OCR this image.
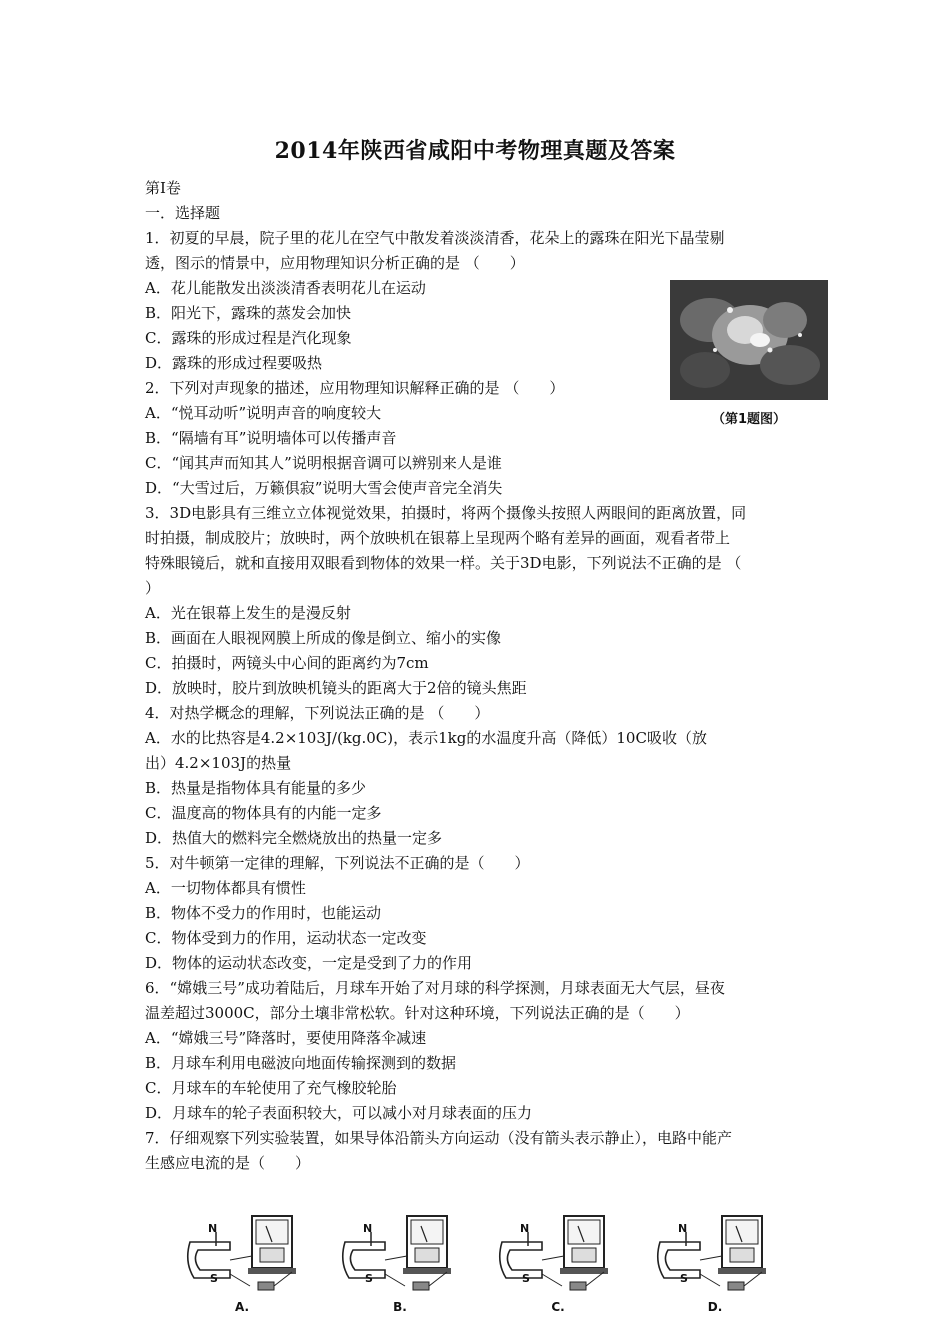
2014年陕西省咸阳中考物理真题及答案
第Ⅰ卷
一．选择题
1．初夏的早晨，院子里的花儿在空气中散发着淡淡清香，花朵上的露珠在阳光下晶莹剔
透，图示的情景中，应用物理知识分析正确的是 （　　）
A．花儿能散发出淡淡清香表明花儿在运动
B．阳光下，露珠的蒸发会加快
C．露珠的形成过程是汽化现象
D．露珠的形成过程要吸热
2．下列对声现象的描述，应用物理知识解释正确的是 （　　）
A．“悦耳动听”说明声音的响度较大
B．“隔墙有耳”说明墙体可以传播声音
C．“闻其声而知其人”说明根据音调可以辨别来人是谁
D．“大雪过后，万籁俱寂”说明大雪会使声音完全消失
3．3D电影具有三维立立体视觉效果，拍摄时，将两个摄像头按照人两眼间的距离放置，同
时拍摄，制成胶片；放映时，两个放映机在银幕上呈现两个略有差异的画面，观看者带上
特殊眼镜后，就和直接用双眼看到物体的效果一样。关于3D电影，下列说法不正确的是 （
）
A．光在银幕上发生的是漫反射
B．画面在人眼视网膜上所成的像是倒立、缩小的实像
C．拍摄时，两镜头中心间的距离约为7cm
D．放映时，胶片到放映机镜头的距离大于2倍的镜头焦距
4．对热学概念的理解，下列说法正确的是 （　　）
A．水的比热容是4.2×103J/(kg.0C)，表示1kg的水温度升高（降低）10C吸收（放
出）4.2×103J的热量
B．热量是指物体具有能量的多少
C．温度高的物体具有的内能一定多
D．热值大的燃料完全燃烧放出的热量一定多
5．对牛顿第一定律的理解，下列说法不正确的是（　　）
A．一切物体都具有惯性
B．物体不受力的作用时，也能运动
C．物体受到力的作用，运动状态一定改变
D．物体的运动状态改变，一定是受到了力的作用
6．“嫦娥三号”成功着陆后，月球车开始了对月球的科学探测，月球表面无大气层，昼夜
温差超过3000C，部分土壤非常松软。针对这种环境，下列说法正确的是（　　）
A．“嫦娥三号”降落时，要使用降落伞减速
B．月球车利用电磁波向地面传输探测到的数据
C．月球车的车轮使用了充气橡胶轮胎
D．月球车的轮子表面积较大，可以减小对月球表面的压力
7．仔细观察下列实验装置，如果导体沿箭头方向运动（没有箭头表示静止），电路中能产
生感应电流的是（　　）
（第1题图）
N
S
A.
N
S
B.
N
S
C.
N
S
D.
